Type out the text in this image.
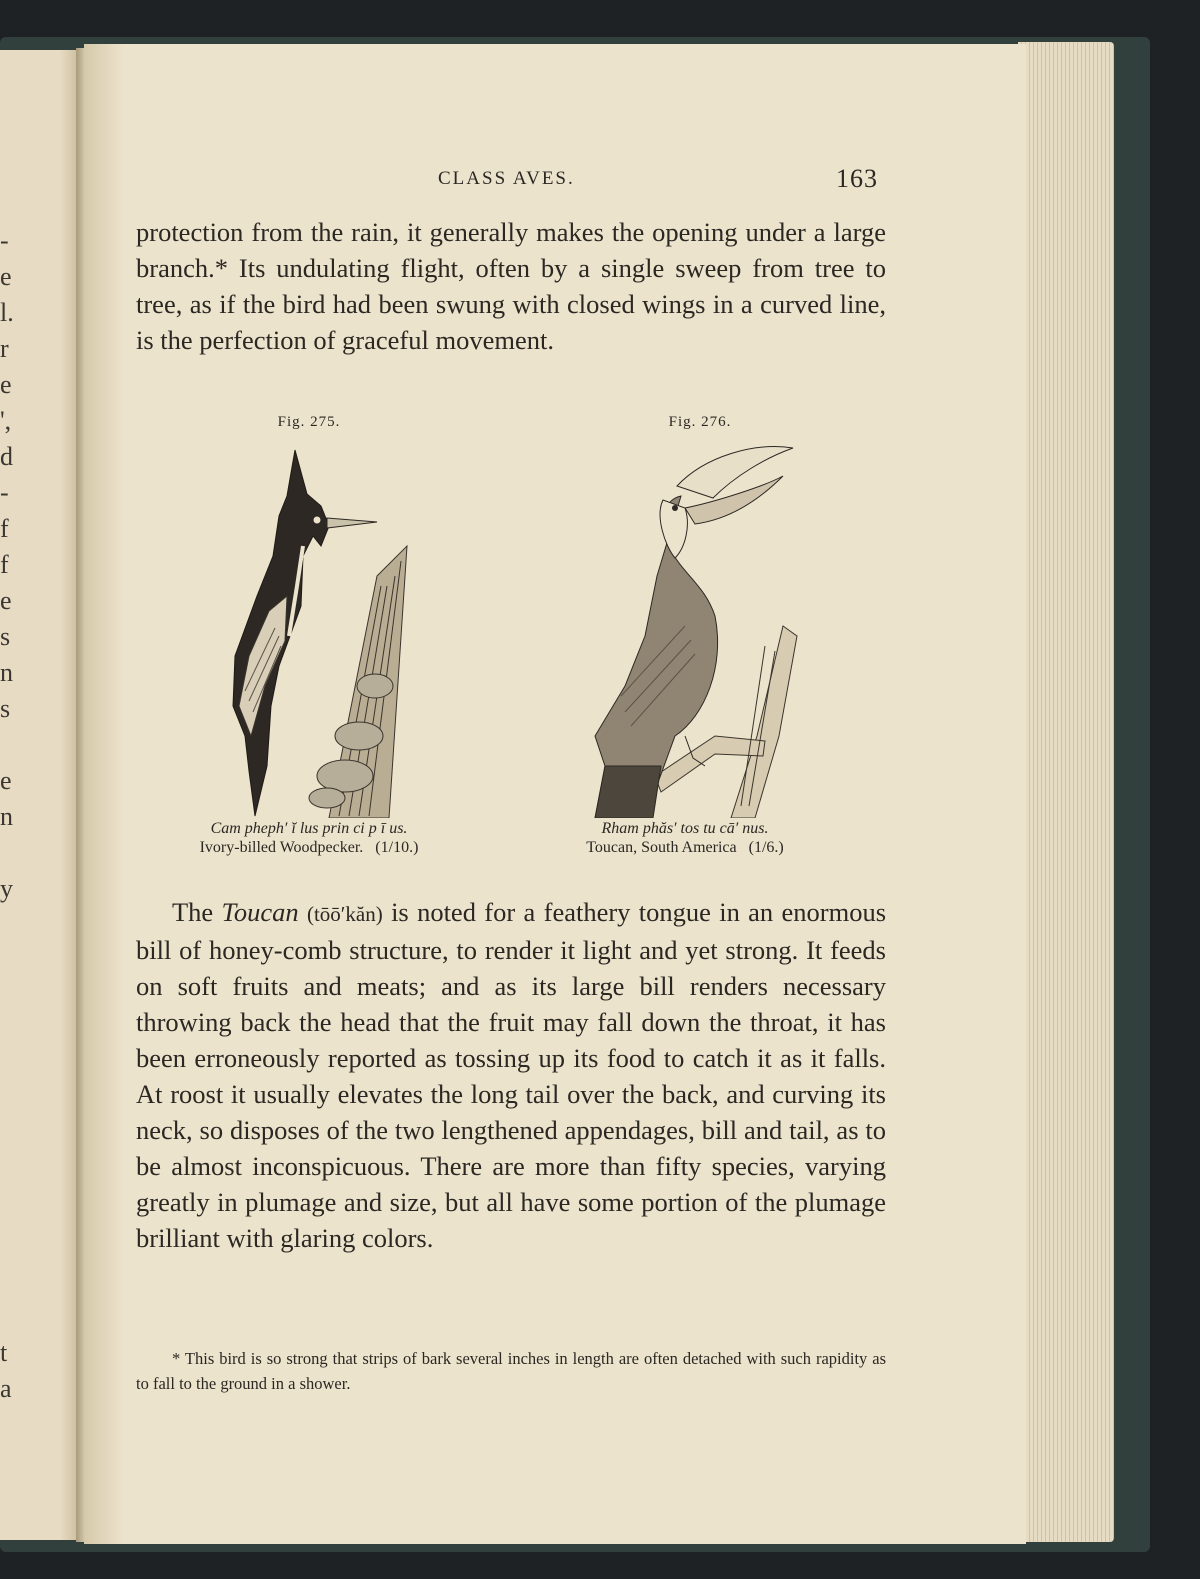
-
e
l.
r
e
',
d
-
f
f
e
s
n
s
e
n
y
t
a
CLASS AVES.	163

protection from the rain, it generally makes the opening under a large branch.* Its undulating flight, often by a single sweep from tree to tree, as if the bird had been swung with closed wings in a curved line, is the perfection of graceful movement.

Fig. 275.
Cam pheph′ ĭ lus prin ci p ī us.
Ivory-billed Woodpecker. (1/10.)
Fig. 276.
Rham phăs′ tos tu cā′ nus.
Toucan, South America (1/6.)

The Toucan (tōō′kăn) is noted for a feathery tongue in an enormous bill of honey-comb structure, to render it light and yet strong. It feeds on soft fruits and meats; and as its large bill renders necessary throwing back the head that the fruit may fall down the throat, it has been erroneously reported as tossing up its food to catch it as it falls. At roost it usually elevates the long tail over the back, and curving its neck, so disposes of the two lengthened appendages, bill and tail, as to be almost inconspicuous. There are more than fifty species, varying greatly in plumage and size, but all have some portion of the plumage brilliant with glaring colors.

* This bird is so strong that strips of bark several inches in length are often detached with such rapidity as to fall to the ground in a shower.
